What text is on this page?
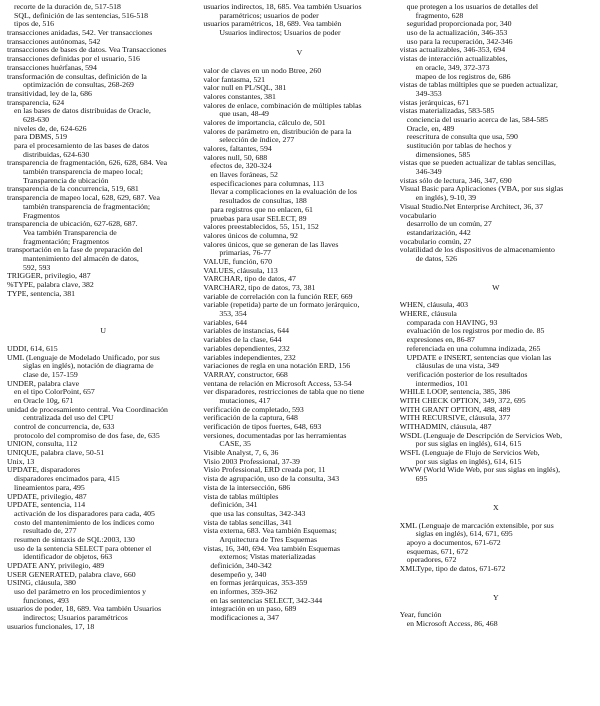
recorte de la duración de, 517-518
SQL, definición de las sentencias, 516-518
tipos de, 516
transacciones anidadas, 542. Ver transacciones
transacciones autónomas, 542
transacciones de bases de datos. Vea Transacciones
transacciones definidas por el usuario, 516
transacciones huérfanas, 594
transformación de consultas, definición de la
optimización de consultas, 268-269
transitividad, ley de la, 686
transparencia, 624
en las bases de datos distribuidas de Oracle,
628-630
niveles de, de, 624-626
para DBMS, 519
para el procesamiento de las bases de datos
distribuidas, 624-630
transparencia de fragmentación, 626, 628, 684. Vea
también transparencia de mapeo local;
Transparencia de ubicación
transparencia de la concurrencia, 519, 681
transparencia de mapeo local, 628, 629, 687. Vea
también transparencia de fragmentación;
Fragmentos
transparencia de ubicación, 627-628, 687.
Vea también Transparencia de
fragmentación; Fragmentos
transportación en la fase de preparación del
mantenimiento del almacén de datos,
592, 593
TRIGGER, privilegio, 487
%TYPE, palabra clave, 382
TYPE, sentencia, 381
U
UDDI, 614, 615
UML (Lenguaje de Modelado Unificado, por sus
siglas en inglés), notación de diagrama de
clase de, 157-159
UNDER, palabra clave
en el tipo ColorPoint, 657
en Oracle 10g, 671
unidad de procesamiento central. Vea Coordinación
centralizada del uso del CPU
control de concurrencia, de, 633
protocolo del compromiso de dos fase, de, 635
UNION, consulta, 112
UNIQUE, palabra clave, 50-51
Unix, 13
UPDATE, disparadores
disparadores encimados para, 415
lineamientos para, 495
UPDATE, privilegio, 487
UPDATE, sentencia, 114
activación de los disparadores para cada, 405
costo del mantenimiento de los índices como
resultado de, 277
resumen de sintaxis de SQL:2003, 130
uso de la sentencia SELECT para obtener el
identificador de objetos, 663
UPDATE ANY, privilegio, 489
USER GENERATED, palabra clave, 660
USING, cláusula, 380
uso del parámetro en los procedimientos y
funciones, 493
usuarios de poder, 18, 689. Vea también Usuarios
indirectos; Usuarios paramétricos
usuarios funcionales, 17, 18
usuarios indirectos, 18, 685. Vea también Usuarios
paramétricos; usuarios de poder
usuarios paramétricos, 18, 689. Vea también
Usuarios indirectos; Usuarios de poder
V
valor de claves en un nodo Btree, 260
valor fantasma, 521
valor null en PL/SQL, 381
valores constantes, 381
valores de enlace, combinación de múltiples tablas
que usan, 48-49
valores de importancia, cálculo de, 501
valores de parámetro en, distribución de para la
selección de índice, 277
valores, faltantes, 594
valores null, 50, 688
efectos de, 320-324
en llaves foráneas, 52
especificaciones para columnas, 113
llevar a complicaciones en la evaluación de los
resultados de consultas, 188
para registros que no enlacen, 61
pruebas para usar SELECT, 89
valores preestablecidos, 55, 151, 152
valores únicos de columna, 92
valores únicos, que se generan de las llaves
primarias, 76-77
VALUE, función, 670
VALUES, cláusula, 113
VARCHAR, tipo de datos, 47
VARCHAR2, tipo de datos, 73, 381
variable de correlación con la función REF, 669
variable (repetida) parte de un formato jerárquico,
353, 354
variables, 644
variables de instancias, 644
variables de la clase, 644
variables dependientes, 232
variables independientes, 232
variaciones de regla en una notación ERD, 156
VARRAY, constructor, 668
ventana de relación en Microsoft Access, 53-54
ver disparadores, restricciones de tabla que no tiene
mutaciones, 417
verificación de completado, 593
verificación de la captura, 648
verificación de tipos fuertes, 648, 693
versiones, documentadas por las herramientas
CASE, 35
Visible Analyst, 7, 6, 36
Visio 2003 Professional, 37-39
Visio Professional, ERD creada por, 11
vista de agrupación, uso de la consulta, 343
vista de la intersección, 686
vista de tablas múltiples
definición, 341
que usa las consultas, 342-343
vista de tablas sencillas, 341
vista externa, 683. Vea también Esquemas;
Arquitectura de Tres Esquemas
vistas, 16, 340, 694. Vea también Esquemas
externos; Vistas materializadas
definición, 340-342
desempeño y, 340
en formas jerárquicas, 353-359
en informes, 359-362
en las sentencias SELECT, 342-344
integración en un paso, 689
modificaciones a, 347
que protegen a los usuarios de detalles del
fragmento, 628
seguridad proporcionada por, 340
uso de la actualización, 346-353
uso para la recuperación, 342-346
vistas actualizables, 346-353, 694
vistas de interacción actualizables,
en oracle, 349, 372-373
mapeo de los registros de, 686
vistas de tablas múltiples que se pueden actualizar,
349-353
vistas jerárquicas, 671
vistas materializadas, 583-585
conciencia del usuario acerca de las, 584-585
Oracle, en, 489
reescritura de consulta que usa, 590
sustitución por tablas de hechos y
dimensiones, 585
vistas que se pueden actualizar de tablas sencillas,
346-349
vistas sólo de lectura, 346, 347, 690
Visual Basic para Aplicaciones (VBA, por sus siglas
en inglés), 9-10, 39
Visual Studio.Net Enterprise Architect, 36, 37
vocabulario
desarrollo de un común, 27
estandarización, 442
vocabulario común, 27
volatilidad de los dispositivos de almacenamiento
de datos, 526
W
WHEN, cláusula, 403
WHERE, cláusula
comparada con HAVING, 93
evaluación de los registros por medio de. 85
expresiones en, 86-87
referenciada en una columna indizada, 265
UPDATE e INSERT, sentencias que violan las
cláusulas de una vista, 349
verificación posterior de los resultados
intermedios, 101
WHILE LOOP, sentencia, 385, 386
WITH CHECK OPTION, 349, 372, 695
WITH GRANT OPTION, 488, 489
WITH RECURSIVE, cláusula, 377
WITHADMIN, cláusula, 487
WSDL (Lenguaje de Descripción de Servicios Web,
por sus siglas en inglés), 614, 615
WSFL (Lenguaje de Flujo de Servicios Web,
por sus siglas en inglés), 614, 615
WWW (World Wide Web, por sus siglas en inglés),
695
X
XML (Lenguaje de marcación extensible, por sus
siglas en inglés), 614, 671, 695
apoyo a documentos, 671-672
esquemas, 671, 672
operadores, 672
XMLType, tipo de datos, 671-672
Y
Year, función
en Microsoft Access, 86, 468
